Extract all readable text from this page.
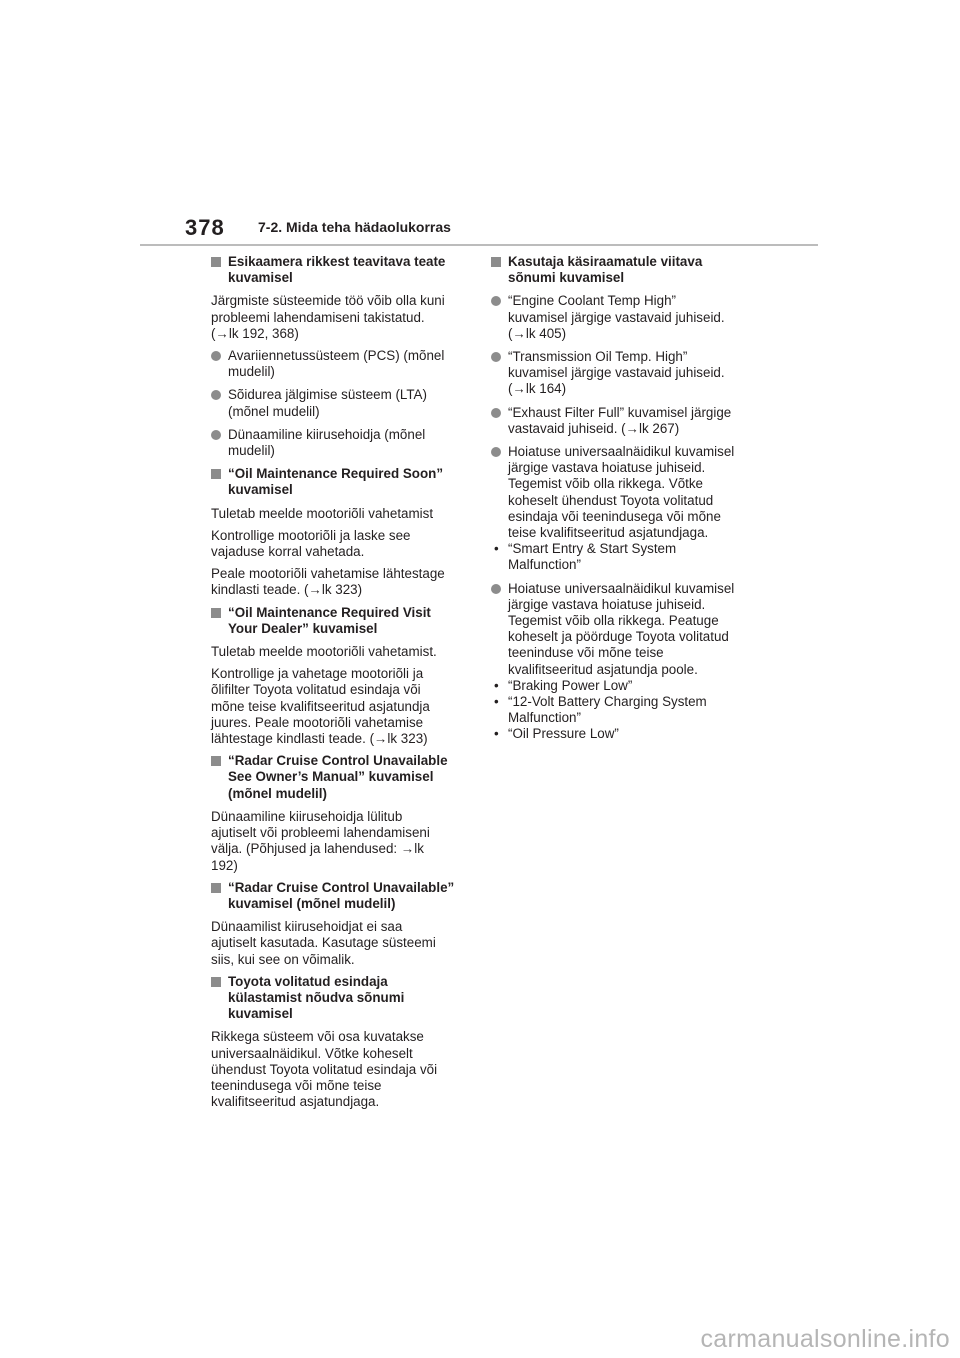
378 7-2. Mida teha hädaolukorras
Esikaamera rikkest teavitava teate
kuvamisel

Järgmiste süsteemide töö võib olla kuni
probleemi lahendamiseni takistatud.
(→lk 192, 368)

Avariiennetussüsteem (PCS) (mõnel
mudelil)
Sõidurea jälgimise süsteem (LTA)
(mõnel mudelil)
Dünaamiline kiirusehoidja (mõnel
mudelil)
“Oil Maintenance Required Soon”
kuvamisel

Tuletab meelde mootoriõli vahetamist

Kontrollige mootoriõli ja laske see
vajaduse korral vahetada.

Peale mootoriõli vahetamise lähtestage
kindlasti teade. (→lk 323)

“Oil Maintenance Required Visit
Your Dealer” kuvamisel

Tuletab meelde mootoriõli vahetamist.

Kontrollige ja vahetage mootoriõli ja
õlifilter Toyota volitatud esindaja või
mõne teise kvalifitseeritud asjatundja
juures. Peale mootoriõli vahetamise
lähtestage kindlasti teade. (→lk 323)

“Radar Cruise Control Unavailable
See Owner’s Manual” kuvamisel
(mõnel mudelil)

Dünaamiline kiirusehoidja lülitub
ajutiselt või probleemi lahendamiseni
välja. (Põhjused ja lahendused: →lk
192)

“Radar Cruise Control Unavailable”
kuvamisel (mõnel mudelil)

Dünaamilist kiirusehoidjat ei saa
ajutiselt kasutada. Kasutage süsteemi
siis, kui see on võimalik.

Toyota volitatud esindaja
külastamist nõudva sõnumi
kuvamisel

Rikkega süsteem või osa kuvatakse
universaalnäidikul. Võtke koheselt
ühendust Toyota volitatud esindaja või
teenindusega või mõne teise
kvalifitseeritud asjatundjaga.

Kasutaja käsiraamatule viitava
sõnumi kuvamisel
“Engine Coolant Temp High”
kuvamisel järgige vastavaid juhiseid.
(→lk 405)
“Transmission Oil Temp. High”
kuvamisel järgige vastavaid juhiseid.
(→lk 164)
“Exhaust Filter Full” kuvamisel järgige
vastavaid juhiseid. (→lk 267)
Hoiatuse universaalnäidikul kuvamisel
järgige vastava hoiatuse juhiseid.
Tegemist võib olla rikkega. Võtke
koheselt ühendust Toyota volitatud
esindaja või teenindusega või mõne
teise kvalifitseeritud asjatundjaga.
• “Smart Entry & Start System
Malfunction”
Hoiatuse universaalnäidikul kuvamisel
järgige vastava hoiatuse juhiseid.
Tegemist võib olla rikkega. Peatuge
koheselt ja pöörduge Toyota volitatud
teeninduse või mõne teise
kvalifitseeritud asjatundja poole.
• “Braking Power Low”
• “12-Volt Battery Charging System
Malfunction”
• “Oil Pressure Low”
carmanualsonline.info
